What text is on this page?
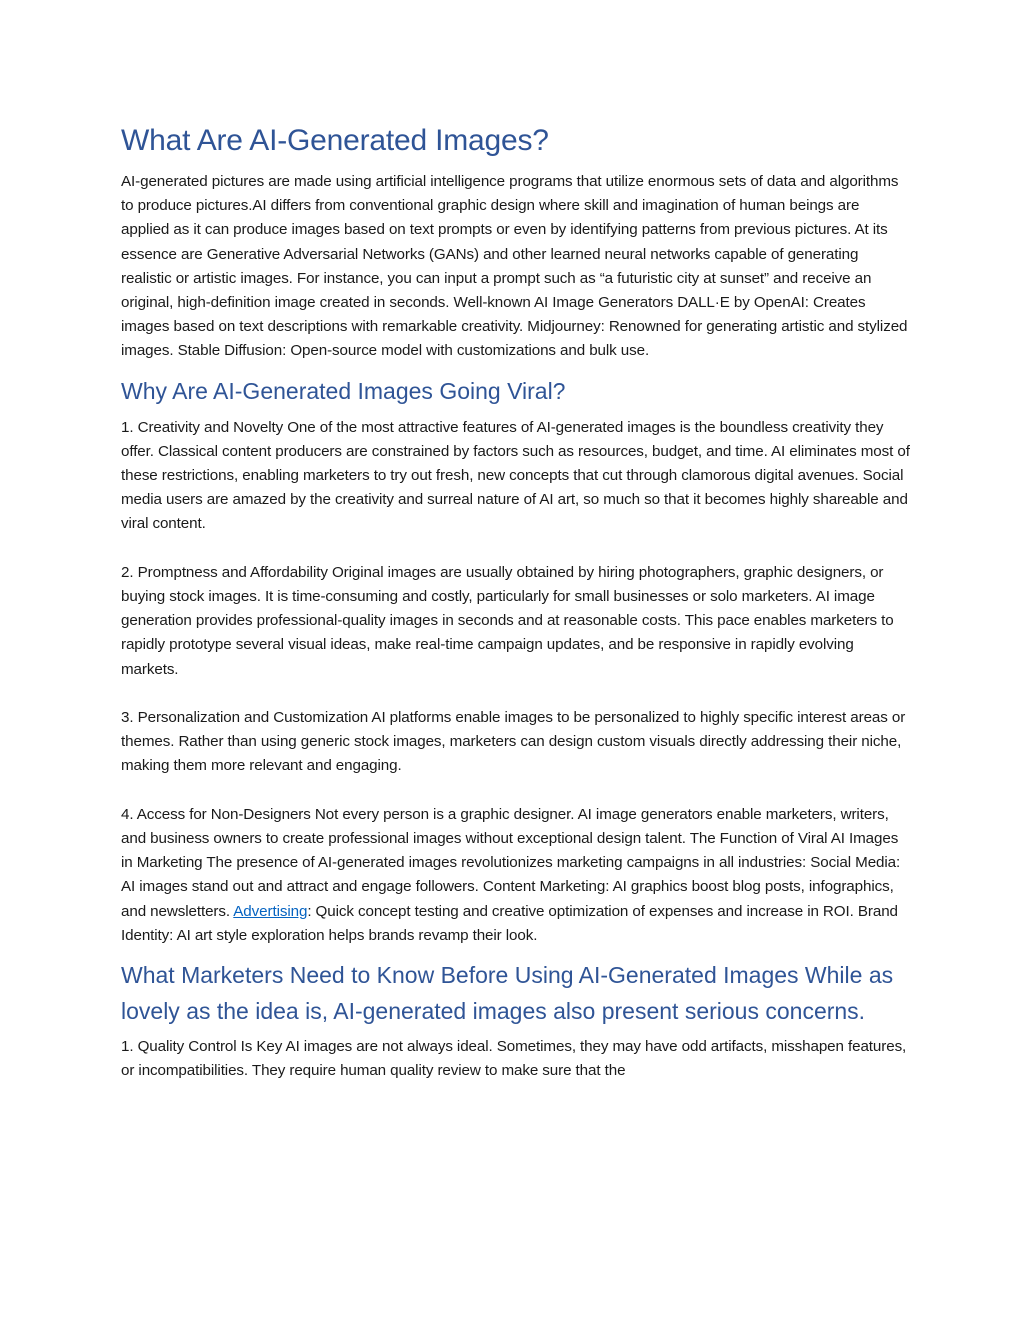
What Are AI-Generated Images?

AI-generated pictures are made using artificial intelligence programs that utilize enormous sets of data and algorithms to produce pictures.AI differs from conventional graphic design where skill and imagination of human beings are applied as it can produce images based on text prompts or even by identifying patterns from previous pictures. At its essence are Generative Adversarial Networks (GANs) and other learned neural networks capable of generating realistic or artistic images. For instance, you can input a prompt such as “a futuristic city at sunset” and receive an original, high-definition image created in seconds. Well-known AI Image Generators DALL·E by OpenAI: Creates images based on text descriptions with remarkable creativity. Midjourney: Renowned for generating artistic and stylized images. Stable Diffusion: Open-source model with customizations and bulk use.

Why Are AI-Generated Images Going Viral?

1. Creativity and Novelty One of the most attractive features of AI-generated images is the boundless creativity they offer. Classical content producers are constrained by factors such as resources, budget, and time. AI eliminates most of these restrictions, enabling marketers to try out fresh, new concepts that cut through clamorous digital avenues. Social media users are amazed by the creativity and surreal nature of AI art, so much so that it becomes highly shareable and viral content.

2. Promptness and Affordability Original images are usually obtained by hiring photographers, graphic designers, or buying stock images. It is time-consuming and costly, particularly for small businesses or solo marketers. AI image generation provides professional-quality images in seconds and at reasonable costs. This pace enables marketers to rapidly prototype several visual ideas, make real-time campaign updates, and be responsive in rapidly evolving markets.

3. Personalization and Customization AI platforms enable images to be personalized to highly specific interest areas or themes. Rather than using generic stock images, marketers can design custom visuals directly addressing their niche, making them more relevant and engaging.

4. Access for Non-Designers Not every person is a graphic designer. AI image generators enable marketers, writers, and business owners to create professional images without exceptional design talent. The Function of Viral AI Images in Marketing The presence of AI-generated images revolutionizes marketing campaigns in all industries: Social Media: AI images stand out and attract and engage followers. Content Marketing: AI graphics boost blog posts, infographics, and newsletters. Advertising: Quick concept testing and creative optimization of expenses and increase in ROI. Brand Identity: AI art style exploration helps brands revamp their look.

What Marketers Need to Know Before Using AI-Generated Images While as lovely as the idea is, AI-generated images also present serious concerns.

1. Quality Control Is Key AI images are not always ideal. Sometimes, they may have odd artifacts, misshapen features, or incompatibilities. They require human quality review to make sure that the
